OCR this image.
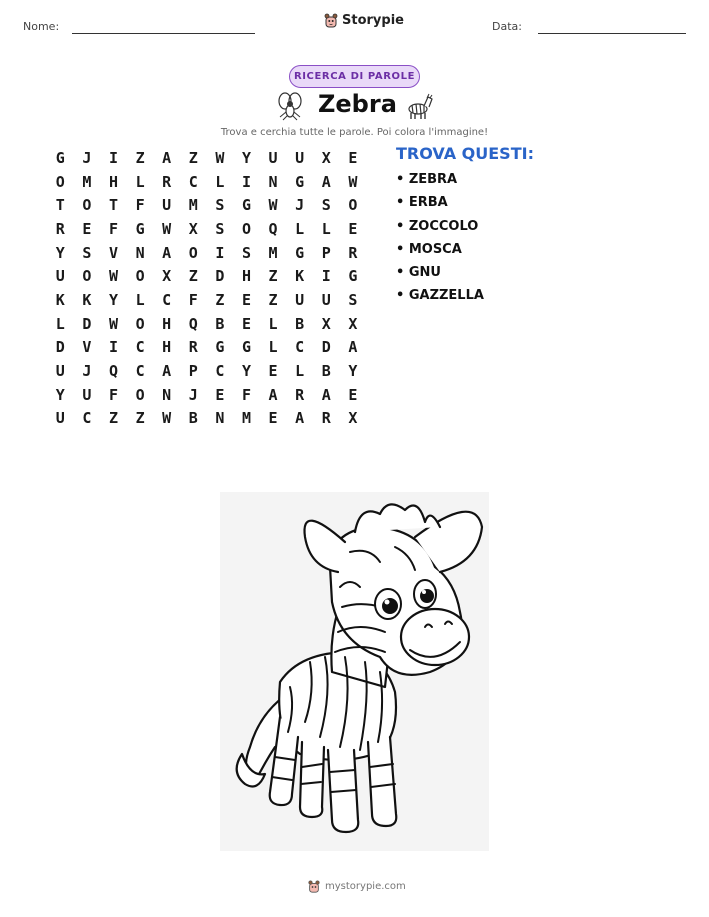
Nome:	Storypie	Data:
RICERCA DI PAROLE
Zebra
Trova e cerchia tutte le parole. Poi colora l'immagine!
G	J	I	Z	A	Z	W	Y	U	U	X	E
O	M	H	L	R	C	L	I	N	G	A	W
T	O	T	F	U	M	S	G	W	J	S	O
R	E	F	G	W	X	S	O	Q	L	L	E
Y	S	V	N	A	O	I	S	M	G	P	R
U	O	W	O	X	Z	D	H	Z	K	I	G
K	K	Y	L	C	F	Z	E	Z	U	U	S
L	D	W	O	H	Q	B	E	L	B	X	X
D	V	I	C	H	R	G	G	L	C	D	A
U	J	Q	C	A	P	C	Y	E	L	B	Y
Y	U	F	O	N	J	E	F	A	R	A	E
U	C	Z	Z	W	B	N	M	E	A	R	X
TROVA QUESTI:
• ZEBRA
• ERBA
• ZOCCOLO
• MOSCA
• GNU
• GAZZELLA
mystorypie.com
